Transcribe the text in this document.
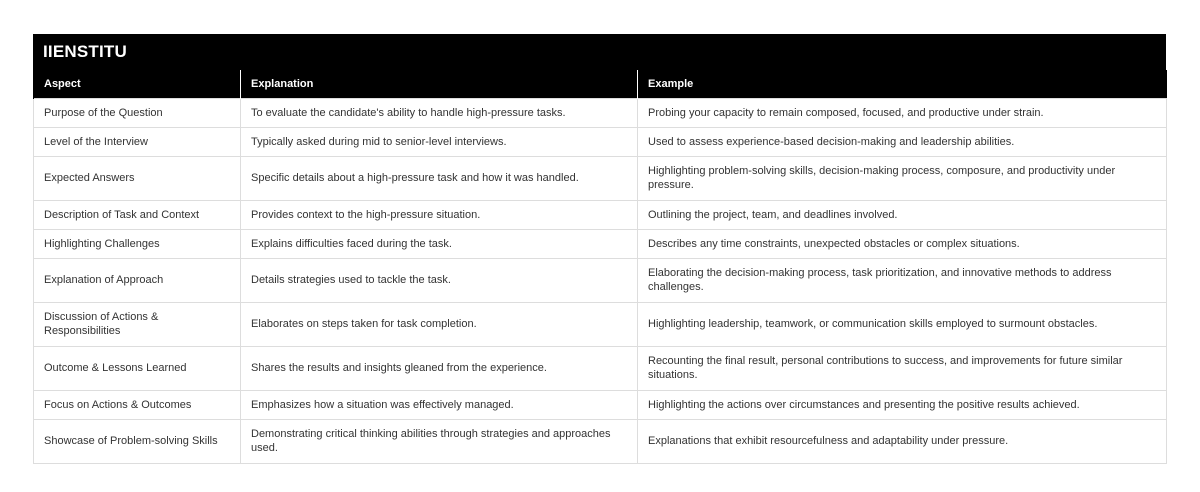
IIENSTITU
Aspect	Explanation	Example
Purpose of the Question	To evaluate the candidate's ability to handle high-pressure tasks.	Probing your capacity to remain composed, focused, and productive under strain.
Level of the Interview	Typically asked during mid to senior-level interviews.	Used to assess experience-based decision-making and leadership abilities.
Expected Answers	Specific details about a high-pressure task and how it was handled.	Highlighting problem-solving skills, decision-making process, composure, and productivity under pressure.
Description of Task and Context	Provides context to the high-pressure situation.	Outlining the project, team, and deadlines involved.
Highlighting Challenges	Explains difficulties faced during the task.	Describes any time constraints, unexpected obstacles or complex situations.
Explanation of Approach	Details strategies used to tackle the task.	Elaborating the decision-making process, task prioritization, and innovative methods to address challenges.
Discussion of Actions & Responsibilities	Elaborates on steps taken for task completion.	Highlighting leadership, teamwork, or communication skills employed to surmount obstacles.
Outcome & Lessons Learned	Shares the results and insights gleaned from the experience.	Recounting the final result, personal contributions to success, and improvements for future similar situations.
Focus on Actions & Outcomes	Emphasizes how a situation was effectively managed.	Highlighting the actions over circumstances and presenting the positive results achieved.
Showcase of Problem-solving Skills	Demonstrating critical thinking abilities through strategies and approaches used.	Explanations that exhibit resourcefulness and adaptability under pressure.
